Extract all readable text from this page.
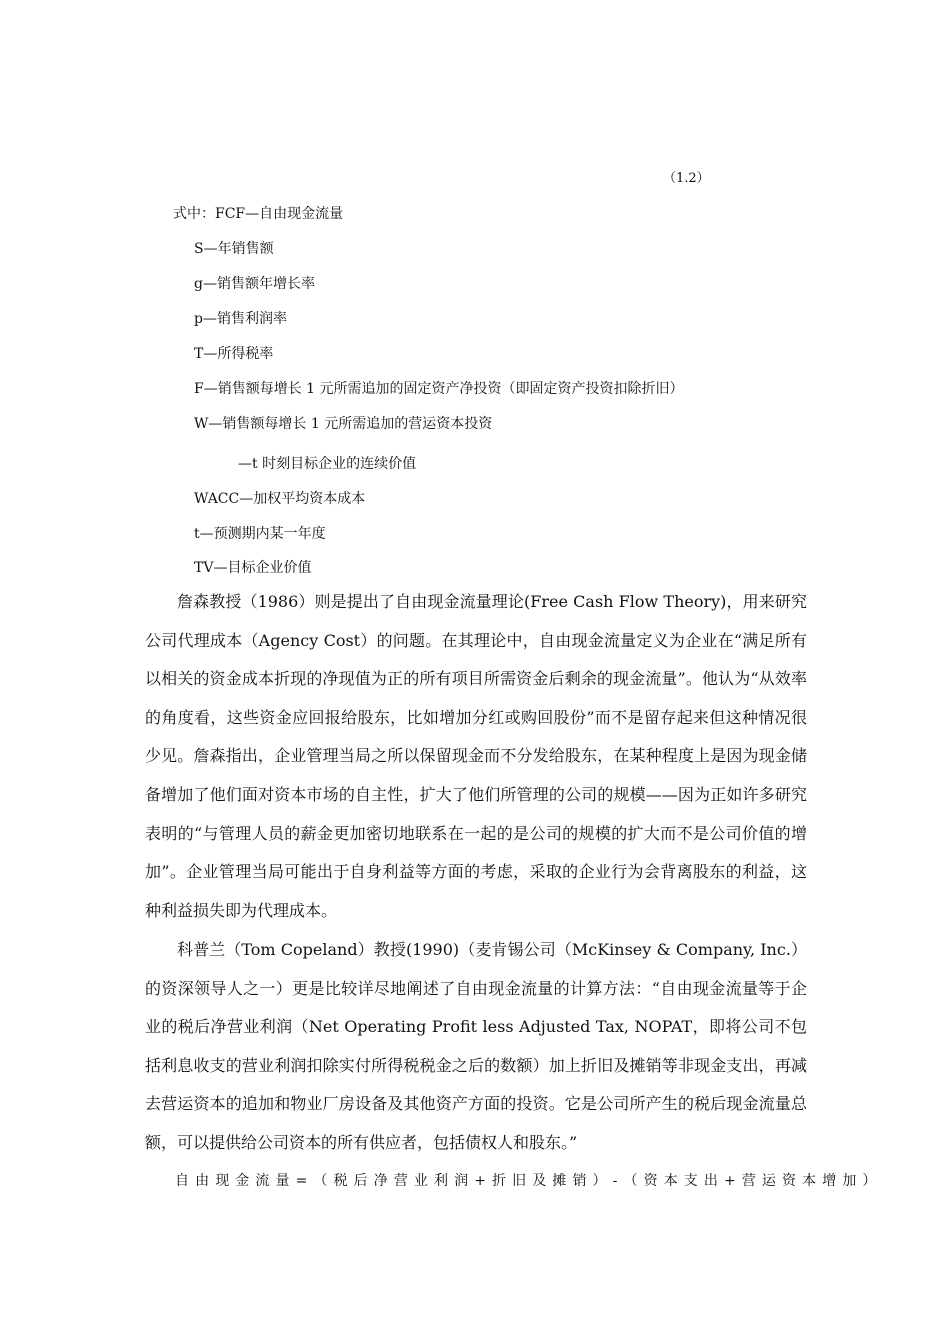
（1.2）
式中：FCF—自由现金流量
S—年销售额
g—销售额年增长率
p—销售利润率
T—所得税率
F—销售额每增长 1 元所需追加的固定资产净投资（即固定资产投资扣除折旧）
W—销售额每增长 1 元所需追加的营运资本投资
—t 时刻目标企业的连续价值
WACC—加权平均资本成本
t—预测期内某一年度
TV—目标企业价值

詹森教授（1986）则是提出了自由现金流量理论(Free Cash Flow Theory)，用来研究公司代理成本（Agency Cost）的问题。在其理论中，自由现金流量定义为企业在“满足所有以相关的资金成本折现的净现值为正的所有项目所需资金后剩余的现金流量”。他认为“从效率的角度看，这些资金应回报给股东，比如增加分红或购回股份”而不是留存起来但这种情况很少见。詹森指出，企业管理当局之所以保留现金而不分发给股东，在某种程度上是因为现金储备增加了他们面对资本市场的自主性，扩大了他们所管理的公司的规模——因为正如许多研究表明的“与管理人员的薪金更加密切地联系在一起的是公司的规模的扩大而不是公司价值的增加”。企业管理当局可能出于自身利益等方面的考虑，采取的企业行为会背离股东的利益，这种利益损失即为代理成本。

科普兰（Tom Copeland）教授(1990)（麦肯锡公司（McKinsey & Company, Inc.）的资深领导人之一）更是比较详尽地阐述了自由现金流量的计算方法：“自由现金流量等于企业的税后净营业利润（Net Operating Profit less Adjusted Tax, NOPAT，即将公司不包括利息收支的营业利润扣除实付所得税税金之后的数额）加上折旧及摊销等非现金支出，再减去营运资本的追加和物业厂房设备及其他资产方面的投资。它是公司所产生的税后现金流量总额，可以提供给公司资本的所有供应者，包括债权人和股东。”

自由现金流量=（税后净营业利润+折旧及摊销）-（资本支出+营运资本增加）
